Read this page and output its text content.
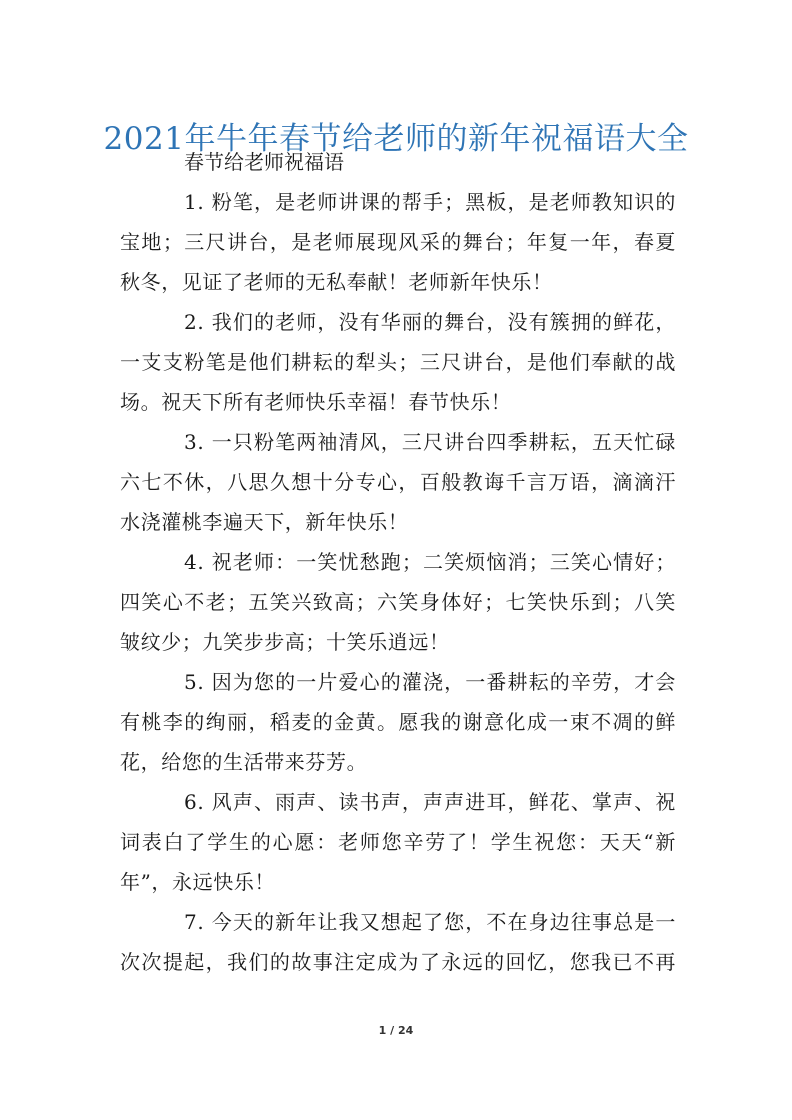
2021年牛年春节给老师的新年祝福语大全

春节给老师祝福语

1. 粉笔，是老师讲课的帮手；黑板，是老师教知识的
宝地；三尺讲台，是老师展现风采的舞台；年复一年，春夏
秋冬，见证了老师的无私奉献！老师新年快乐！
2. 我们的老师，没有华丽的舞台，没有簇拥的鲜花，
一支支粉笔是他们耕耘的犁头；三尺讲台，是他们奉献的战
场。祝天下所有老师快乐幸福！春节快乐！
3. 一只粉笔两袖清风，三尺讲台四季耕耘，五天忙碌
六七不休，八思久想十分专心，百般教诲千言万语，滴滴汗
水浇灌桃李遍天下，新年快乐！
4. 祝老师：一笑忧愁跑；二笑烦恼消；三笑心情好；
四笑心不老；五笑兴致高；六笑身体好；七笑快乐到；八笑
皱纹少；九笑步步高；十笑乐逍远！
5. 因为您的一片爱心的灌浇，一番耕耘的辛劳，才会
有桃李的绚丽，稻麦的金黄。愿我的谢意化成一束不凋的鲜
花，给您的生活带来芬芳。
6. 风声、雨声、读书声，声声进耳，鲜花、掌声、祝
词表白了学生的心愿：老师您辛劳了！学生祝您：天天“新
年”，永远快乐！
7. 今天的新年让我又想起了您，不在身边往事总是一
次次提起，我们的故事注定成为了永远的回忆，您我已不再
1 / 24
